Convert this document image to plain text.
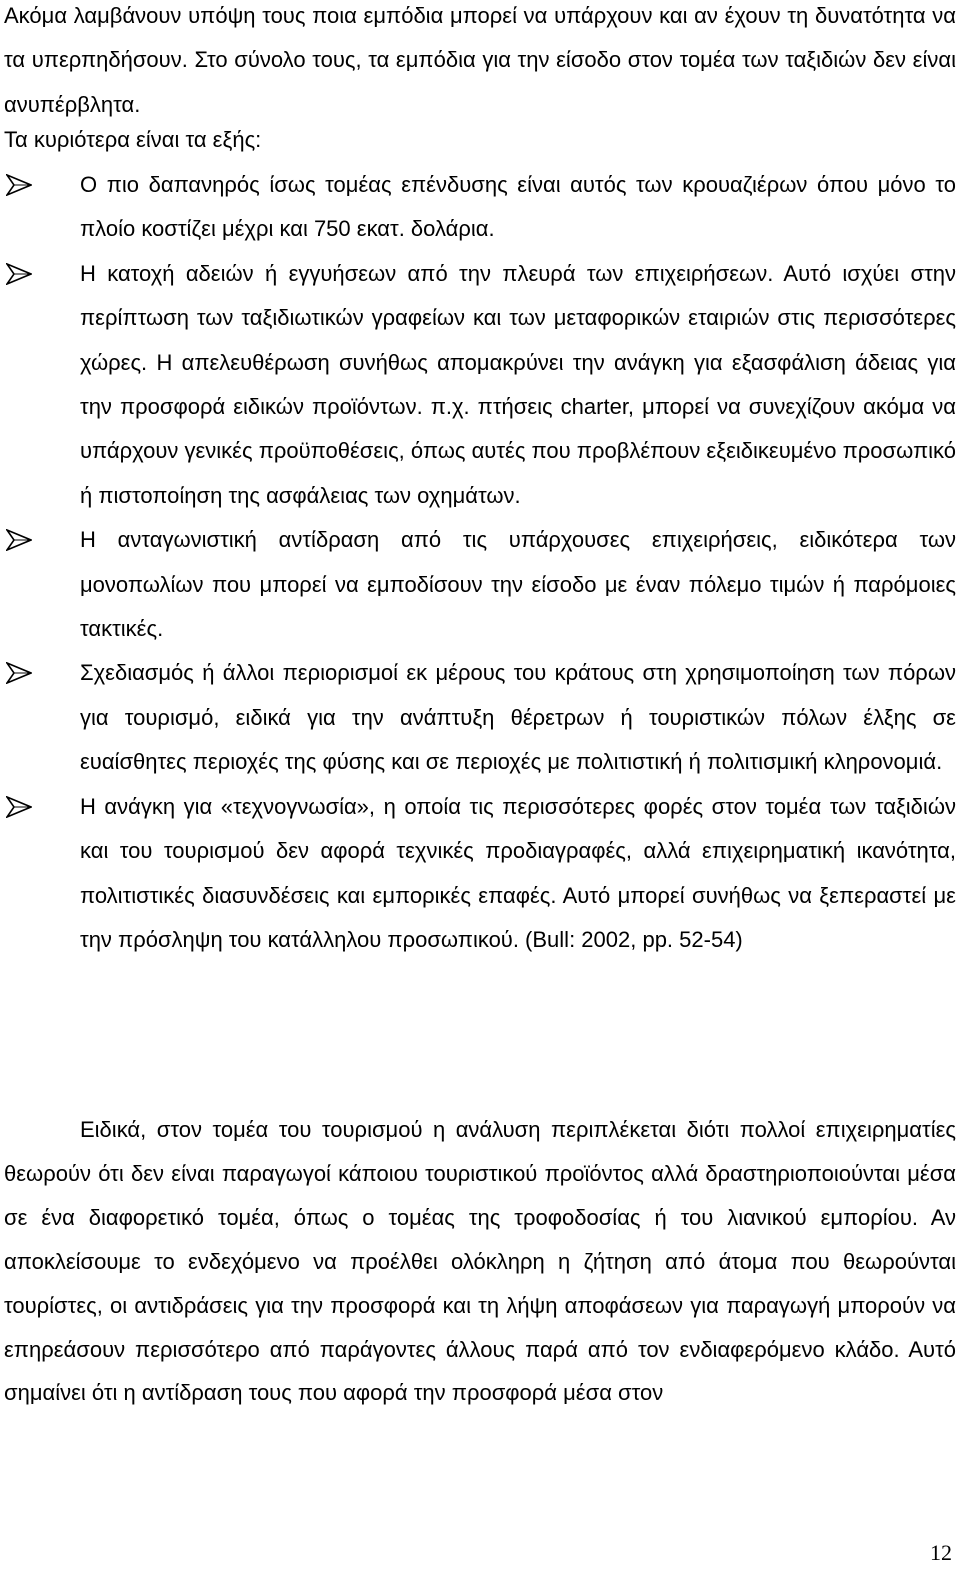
Ακόμα λαμβάνουν υπόψη τους ποια εμπόδια μπορεί να υπάρχουν και αν έχουν τη δυνατότητα να τα υπερπηδήσουν. Στο σύνολο τους, τα εμπόδια για την είσοδο στον τομέα των ταξιδιών δεν είναι ανυπέρβλητα.

Τα κυριότερα είναι τα εξής:

Ο πιο δαπανηρός ίσως τομέας επένδυσης είναι αυτός των κρουαζιέρων όπου μόνο το πλοίο κοστίζει μέχρι και 750 εκατ. δολάρια.
Η κατοχή αδειών ή εγγυήσεων από την πλευρά των επιχειρήσεων. Αυτό ισχύει στην περίπτωση των ταξιδιωτικών γραφείων και των μεταφορικών εταιριών στις περισσότερες χώρες. Η απελευθέρωση συνήθως απομακρύνει την ανάγκη για εξασφάλιση άδειας για την προσφορά ειδικών προϊόντων. π.χ. πτήσεις charter, μπορεί να συνεχίζουν ακόμα να υπάρχουν γενικές προϋποθέσεις, όπως αυτές που προβλέπουν εξειδικευμένο προσωπικό ή πιστοποίηση της ασφάλειας των οχημάτων.
Η ανταγωνιστική αντίδραση από τις υπάρχουσες επιχειρήσεις, ειδικότερα των μονοπωλίων που μπορεί να εμποδίσουν την είσοδο με έναν πόλεμο τιμών ή παρόμοιες τακτικές.
Σχεδιασμός ή άλλοι περιορισμοί εκ μέρους του κράτους στη χρησιμοποίηση των πόρων για τουρισμό, ειδικά για την ανάπτυξη θέρετρων ή τουριστικών πόλων έλξης σε ευαίσθητες περιοχές της φύσης και σε περιοχές με πολιτιστική ή πολιτισμική κληρονομιά.
Η ανάγκη για «τεχνογνωσία», η οποία τις περισσότερες φορές στον τομέα των ταξιδιών και του τουρισμού δεν αφορά τεχνικές προδιαγραφές, αλλά επιχειρηματική ικανότητα, πολιτιστικές διασυνδέσεις και εμπορικές επαφές. Αυτό μπορεί συνήθως να ξεπεραστεί με την πρόσληψη του κατάλληλου προσωπικού. (Bull: 2002, pp. 52-54)

Ειδικά, στον τομέα του τουρισμού η ανάλυση περιπλέκεται διότι πολλοί επιχειρηματίες θεωρούν ότι δεν είναι παραγωγοί κάποιου τουριστικού προϊόντος αλλά δραστηριοποιούνται μέσα σε ένα διαφορετικό τομέα, όπως ο τομέας της τροφοδοσίας ή του λιανικού εμπορίου. Αν αποκλείσουμε το ενδεχόμενο να προέλθει ολόκληρη η ζήτηση από άτομα που θεωρούνται τουρίστες, οι αντιδράσεις για την προσφορά και τη λήψη αποφάσεων για παραγωγή μπορούν να επηρεάσουν περισσότερο από παράγοντες άλλους παρά από τον ενδιαφερόμενο κλάδο. Αυτό σημαίνει ότι η αντίδραση τους που αφορά την προσφορά μέσα στον

12
